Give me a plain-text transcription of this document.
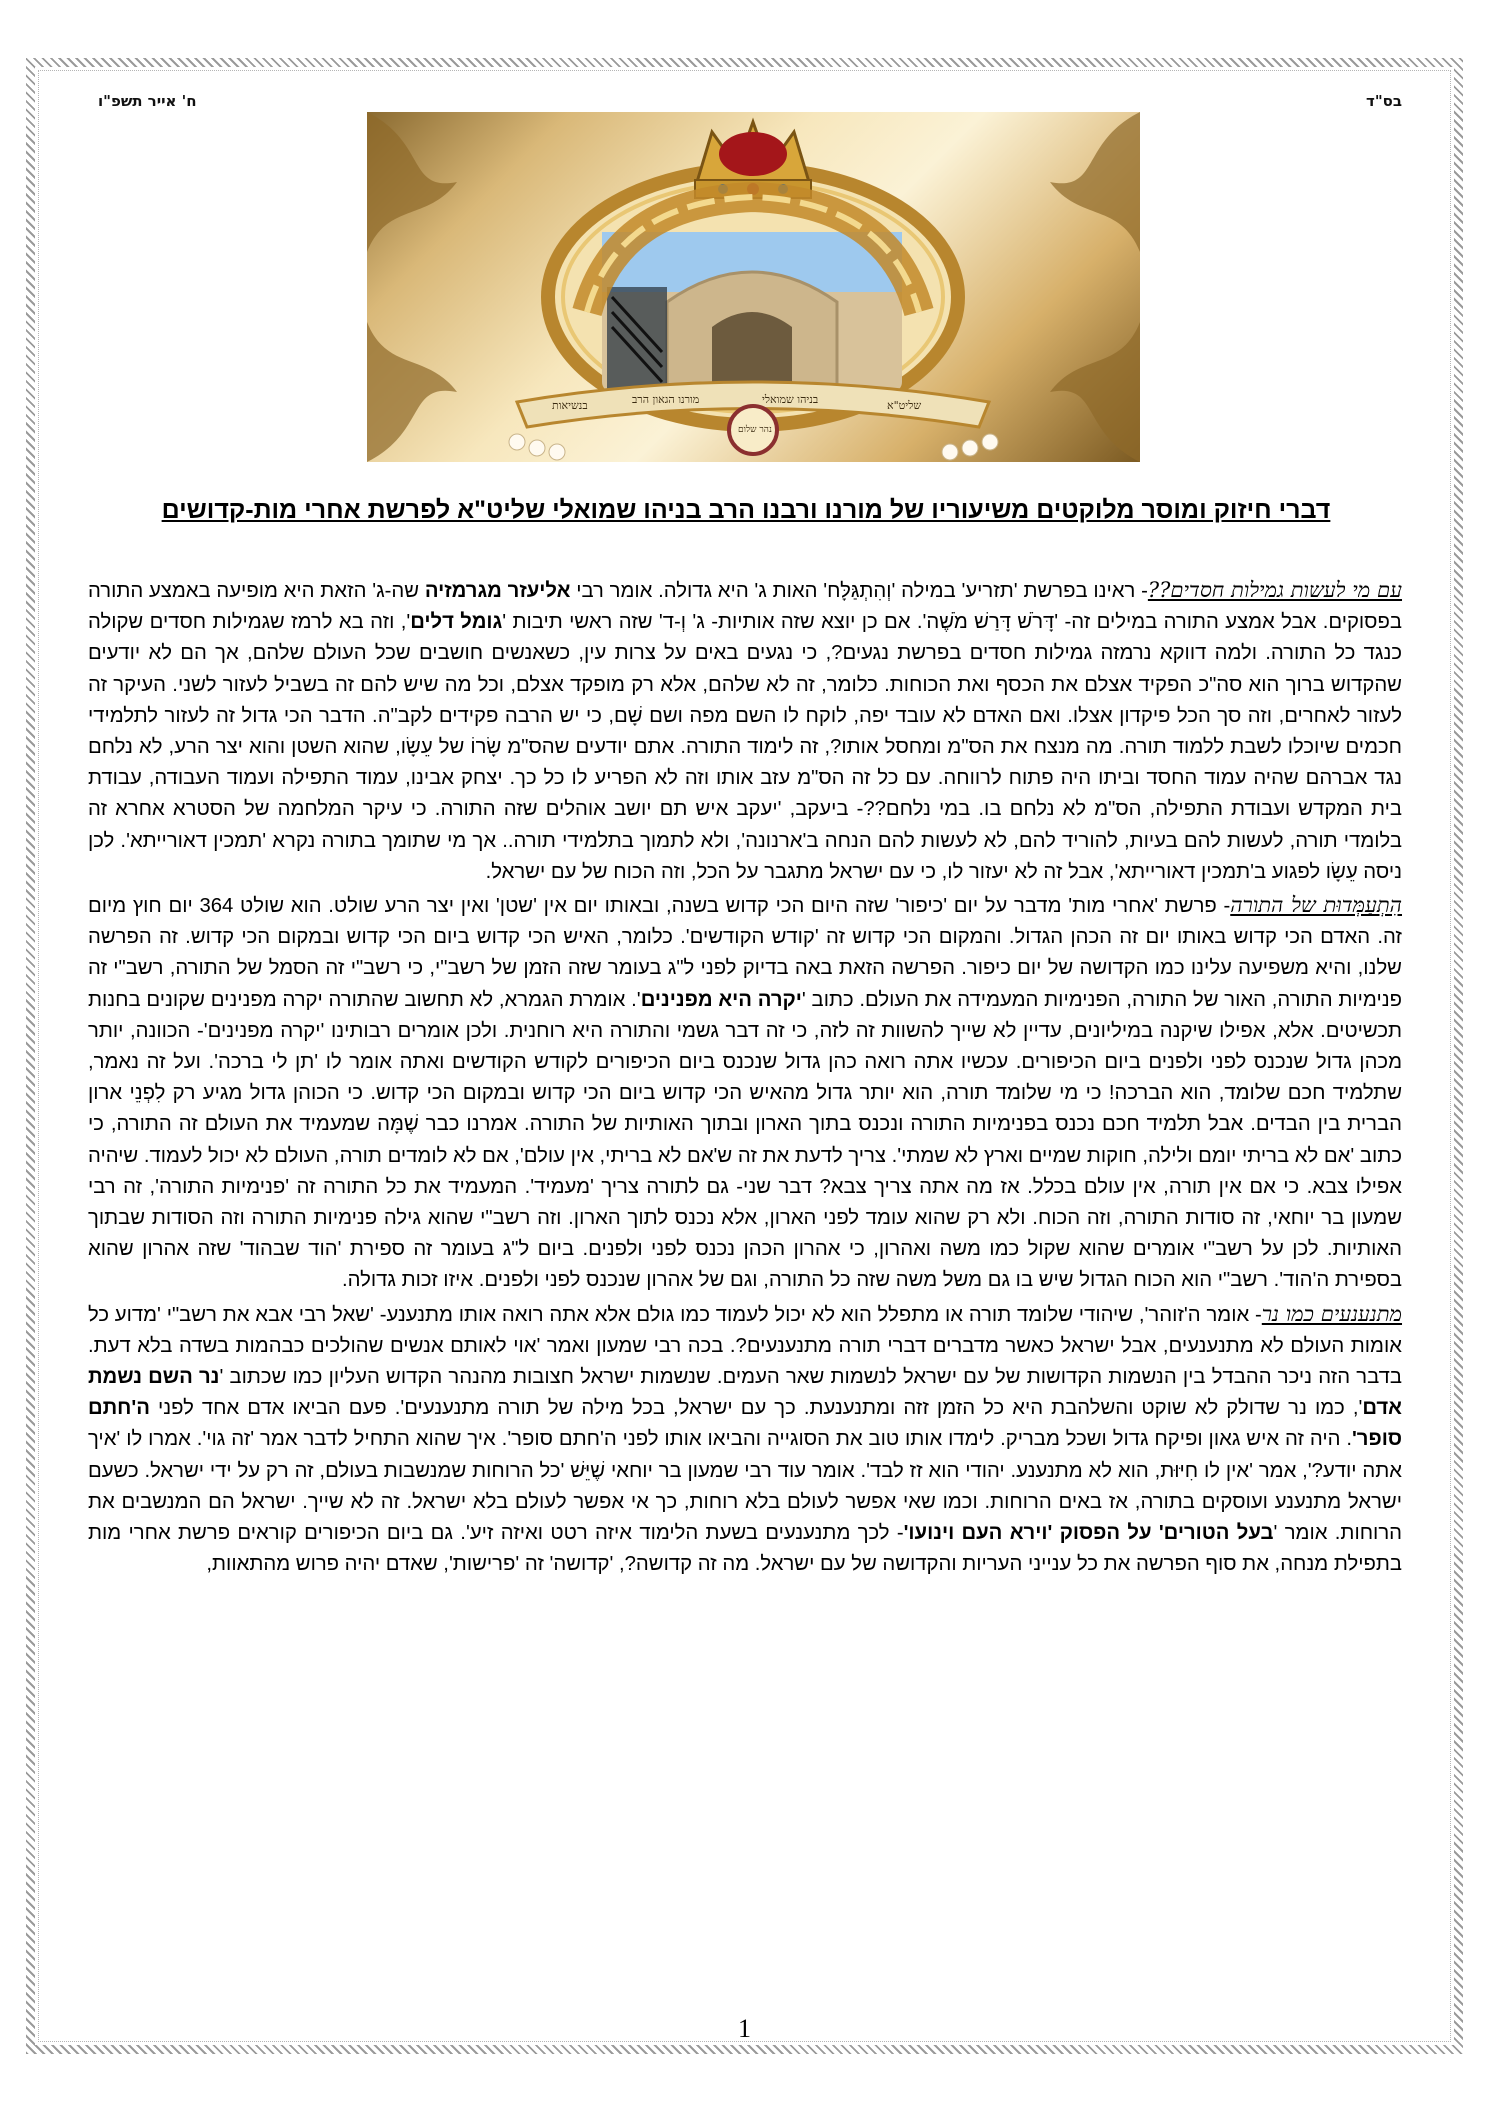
בס"ד
ח' אייר תשפ"ו
בנשיאות	מורנו הגאון הרב	בניהו שמואלי	שליט"א
נהר שלום
דברי חיזוק ומוסר מלוקטים משיעוריו של מורנו ורבנו הרב בניהו שמואלי שליט"א לפרשת אחרי מות-קדושים

עם מי לעשות גמילות חסדים??- ראינו בפרשת 'תזריע' במילה 'וְהִתְגַּלָּח' האות ג' היא גדולה. אומר רבי אליעזר מגרמזיה שה-ג' הזאת היא מופיעה באמצע התורה בפסוקים. אבל אמצע התורה במילים זה- 'דָּרֹשׁ דָּרַשׁ מֹשֶׁה'. אם כן יוצא שזה אותיות- ג' וְ-ד' שזה ראשי תיבות 'גומל דלים', וזה בא לרמז שגמילות חסדים שקולה כנגד כל התורה. ולמה דווקא נרמזה גמילות חסדים בפרשת נגעים?, כי נגעים באים על צרות עין, כשאנשים חושבים שכל העולם שלהם, אך הם לא יודעים שהקדוש ברוך הוא סה"כ הפקיד אצלם את הכסף ואת הכוחות. כלומר, זה לא שלהם, אלא רק מופקד אצלם, וכל מה שיש להם זה בשביל לעזור לשני. העיקר זה לעזור לאחרים, וזה סך הכל פיקדון אצלו. ואם האדם לא עובד יפה, לוקח לו השם מפה ושם שָׁם, כי יש הרבה פקידים לקב"ה. הדבר הכי גדול זה לעזור לתלמידי חכמים שיוכלו לשבת ללמוד תורה. מה מנצח את הס"מ ומחסל אותו?, זה לימוד התורה. אתם יודעים שהס"מ שָׂרוֹ של עֵשָׂו, שהוא השטן והוא יצר הרע, לא נלחם נגד אברהם שהיה עמוד החסד וביתו היה פתוח לרווחה. עם כל זה הס"מ עזב אותו וזה לא הפריע לו כל כך. יצחק אבינו, עמוד התפילה ועמוד העבודה, עבודת בית המקדש ועבודת התפילה, הס"מ לא נלחם בו. במי נלחם??- ביעקב, 'יעקב איש תם יושב אוהלים שזה התורה. כי עיקר המלחמה של הסטרא אחרא זה בלומדי תורה, לעשות להם בעיות, להוריד להם, לא לעשות להם הנחה ב'ארנונה', ולא לתמוך בתלמידי תורה.. אך מי שתומך בתורה נקרא 'תמכין דאורייתא'. לכן ניסה עֵשָׂו לפגוע ב'תמכין דאורייתא', אבל זה לא יעזור לו, כי עם ישראל מתגבר על הכל, וזה הכוח של עם ישראל.

הִתְעַמְּדוּת של התורה- פרשת 'אחרי מות' מדבר על יום 'כיפור' שזה היום הכי קדוש בשנה, ובאותו יום אין 'שטן' ואין יצר הרע שולט. הוא שולט 364 יום חוץ מיום זה. האדם הכי קדוש באותו יום זה הכהן הגדול. והמקום הכי קדוש זה 'קודש הקודשים'. כלומר, האיש הכי קדוש ביום הכי קדוש ובמקום הכי קדוש. זה הפרשה שלנו, והיא משפיעה עלינו כמו הקדושה של יום כיפור. הפרשה הזאת באה בדיוק לפני ל"ג בעומר שזה הזמן של רשב"י, כי רשב"י זה הסמל של התורה, רשב"י זה פנימיות התורה, האור של התורה, הפנימיות המעמידה את העולם. כתוב 'יקרה היא מפנינים'. אומרת הגמרא, לא תחשוב שהתורה יקרה מפנינים שקונים בחנות תכשיטים. אלא, אפילו שיקנה במיליונים, עדיין לא שייך להשוות זה לזה, כי זה דבר גשמי והתורה היא רוחנית. ולכן אומרים רבותינו 'יקרה מפנינים'- הכוונה, יותר מכהן גדול שנכנס לפני ולפנים ביום הכיפורים. עכשיו אתה רואה כהן גדול שנכנס ביום הכיפורים לקודש הקודשים ואתה אומר לו 'תן לי ברכה'. ועל זה נאמר, שתלמיד חכם שלומד, הוא הברכה! כי מי שלומד תורה, הוא יותר גדול מהאיש הכי קדוש ביום הכי קדוש ובמקום הכי קדוש. כי הכוהן גדול מגיע רק לִפְנֵי ארון הברית בין הבדים. אבל תלמיד חכם נכנס בפנימיות התורה ונכנס בתוך הארון ובתוך האותיות של התורה. אמרנו כבר שֶׁמָּה שמעמיד את העולם זה התורה, כי כתוב 'אם לא בריתי יומם ולילה, חוקות שמיים וארץ לא שמתי'. צריך לדעת את זה ש'אם לא בריתי, אין עולם', אם לא לומדים תורה, העולם לא יכול לעמוד. שיהיה אפילו צבא. כי אם אין תורה, אין עולם בכלל. אז מה אתה צריך צבא? דבר שני- גם לתורה צריך 'מעמיד'. המעמיד את כל התורה זה 'פנימיות התורה', זה רבי שמעון בר יוחאי, זה סודות התורה, וזה הכוח. ולא רק שהוא עומד לפני הארון, אלא נכנס לתוך הארון. וזה רשב"י שהוא גילה פנימיות התורה וזה הסודות שבתוך האותיות. לכן על רשב"י אומרים שהוא שקול כמו משה ואהרון, כי אהרון הכהן נכנס לפני ולפנים. ביום ל"ג בעומר זה ספירת 'הוד שבהוד' שזה אהרון שהוא בספירת ה'הוד'. רשב"י הוא הכוח הגדול שיש בו גם משל משה שזה כל התורה, וגם של אהרון שנכנס לפני ולפנים. איזו זכות גדולה.

מתנענעים כמו נר- אומר ה'זוהר', שיהודי שלומד תורה או מתפלל הוא לא יכול לעמוד כמו גולם אלא אתה רואה אותו מתנענע- 'שאל רבי אבא את רשב"י 'מדוע כל אומות העולם לא מתנענעים, אבל ישראל כאשר מדברים דברי תורה מתנענעים?. בכה רבי שמעון ואמר 'אוי לאותם אנשים שהולכים כבהמות בשדה בלא דעת. בדבר הזה ניכר ההבדל בין הנשמות הקדושות של עם ישראל לנשמות שאר העמים. שנשמות ישראל חצובות מהנהר הקדוש העליון כמו שכתוב 'נר השם נשמת אדם', כמו נר שדולק לא שוקט והשלהבת היא כל הזמן זזה ומתנענעת. כך עם ישראל, בכל מילה של תורה מתנענעים'. פעם הביאו אדם אחד לפני ה'חתם סופר'. היה זה איש גאון ופיקח גדול ושכל מבריק. לימדו אותו טוב את הסוגייה והביאו אותו לפני ה'חתם סופר'. איך שהוא התחיל לדבר אמר 'זה גוי'. אמרו לו 'איך אתה יודע?', אמר 'אין לו חִיּוּת, הוא לא מתנענע. יהודי הוא זז לבד'. אומר עוד רבי שמעון בר יוחאי שֶׁיֵּשׁ 'כל הרוחות שמנשבות בעולם, זה רק על ידי ישראל. כשעם ישראל מתנענע ועוסקים בתורה, אז באים הרוחות. וכמו שאי אפשר לעולם בלא רוחות, כך אי אפשר לעולם בלא ישראל. זה לא שייך. ישראל הם המנשבים את הרוחות. אומר 'בעל הטורים' על הפסוק 'וירא העם וינועו'- לכך מתנענעים בשעת הלימוד איזה רטט ואיזה זיע'. גם ביום הכיפורים קוראים פרשת אחרי מות בתפילת מנחה, את סוף הפרשה את כל ענייני העריות והקדושה של עם ישראל. מה זה קדושה?, 'קדושה' זה 'פרישות', שאדם יהיה פרוש מהתאוות,

1
